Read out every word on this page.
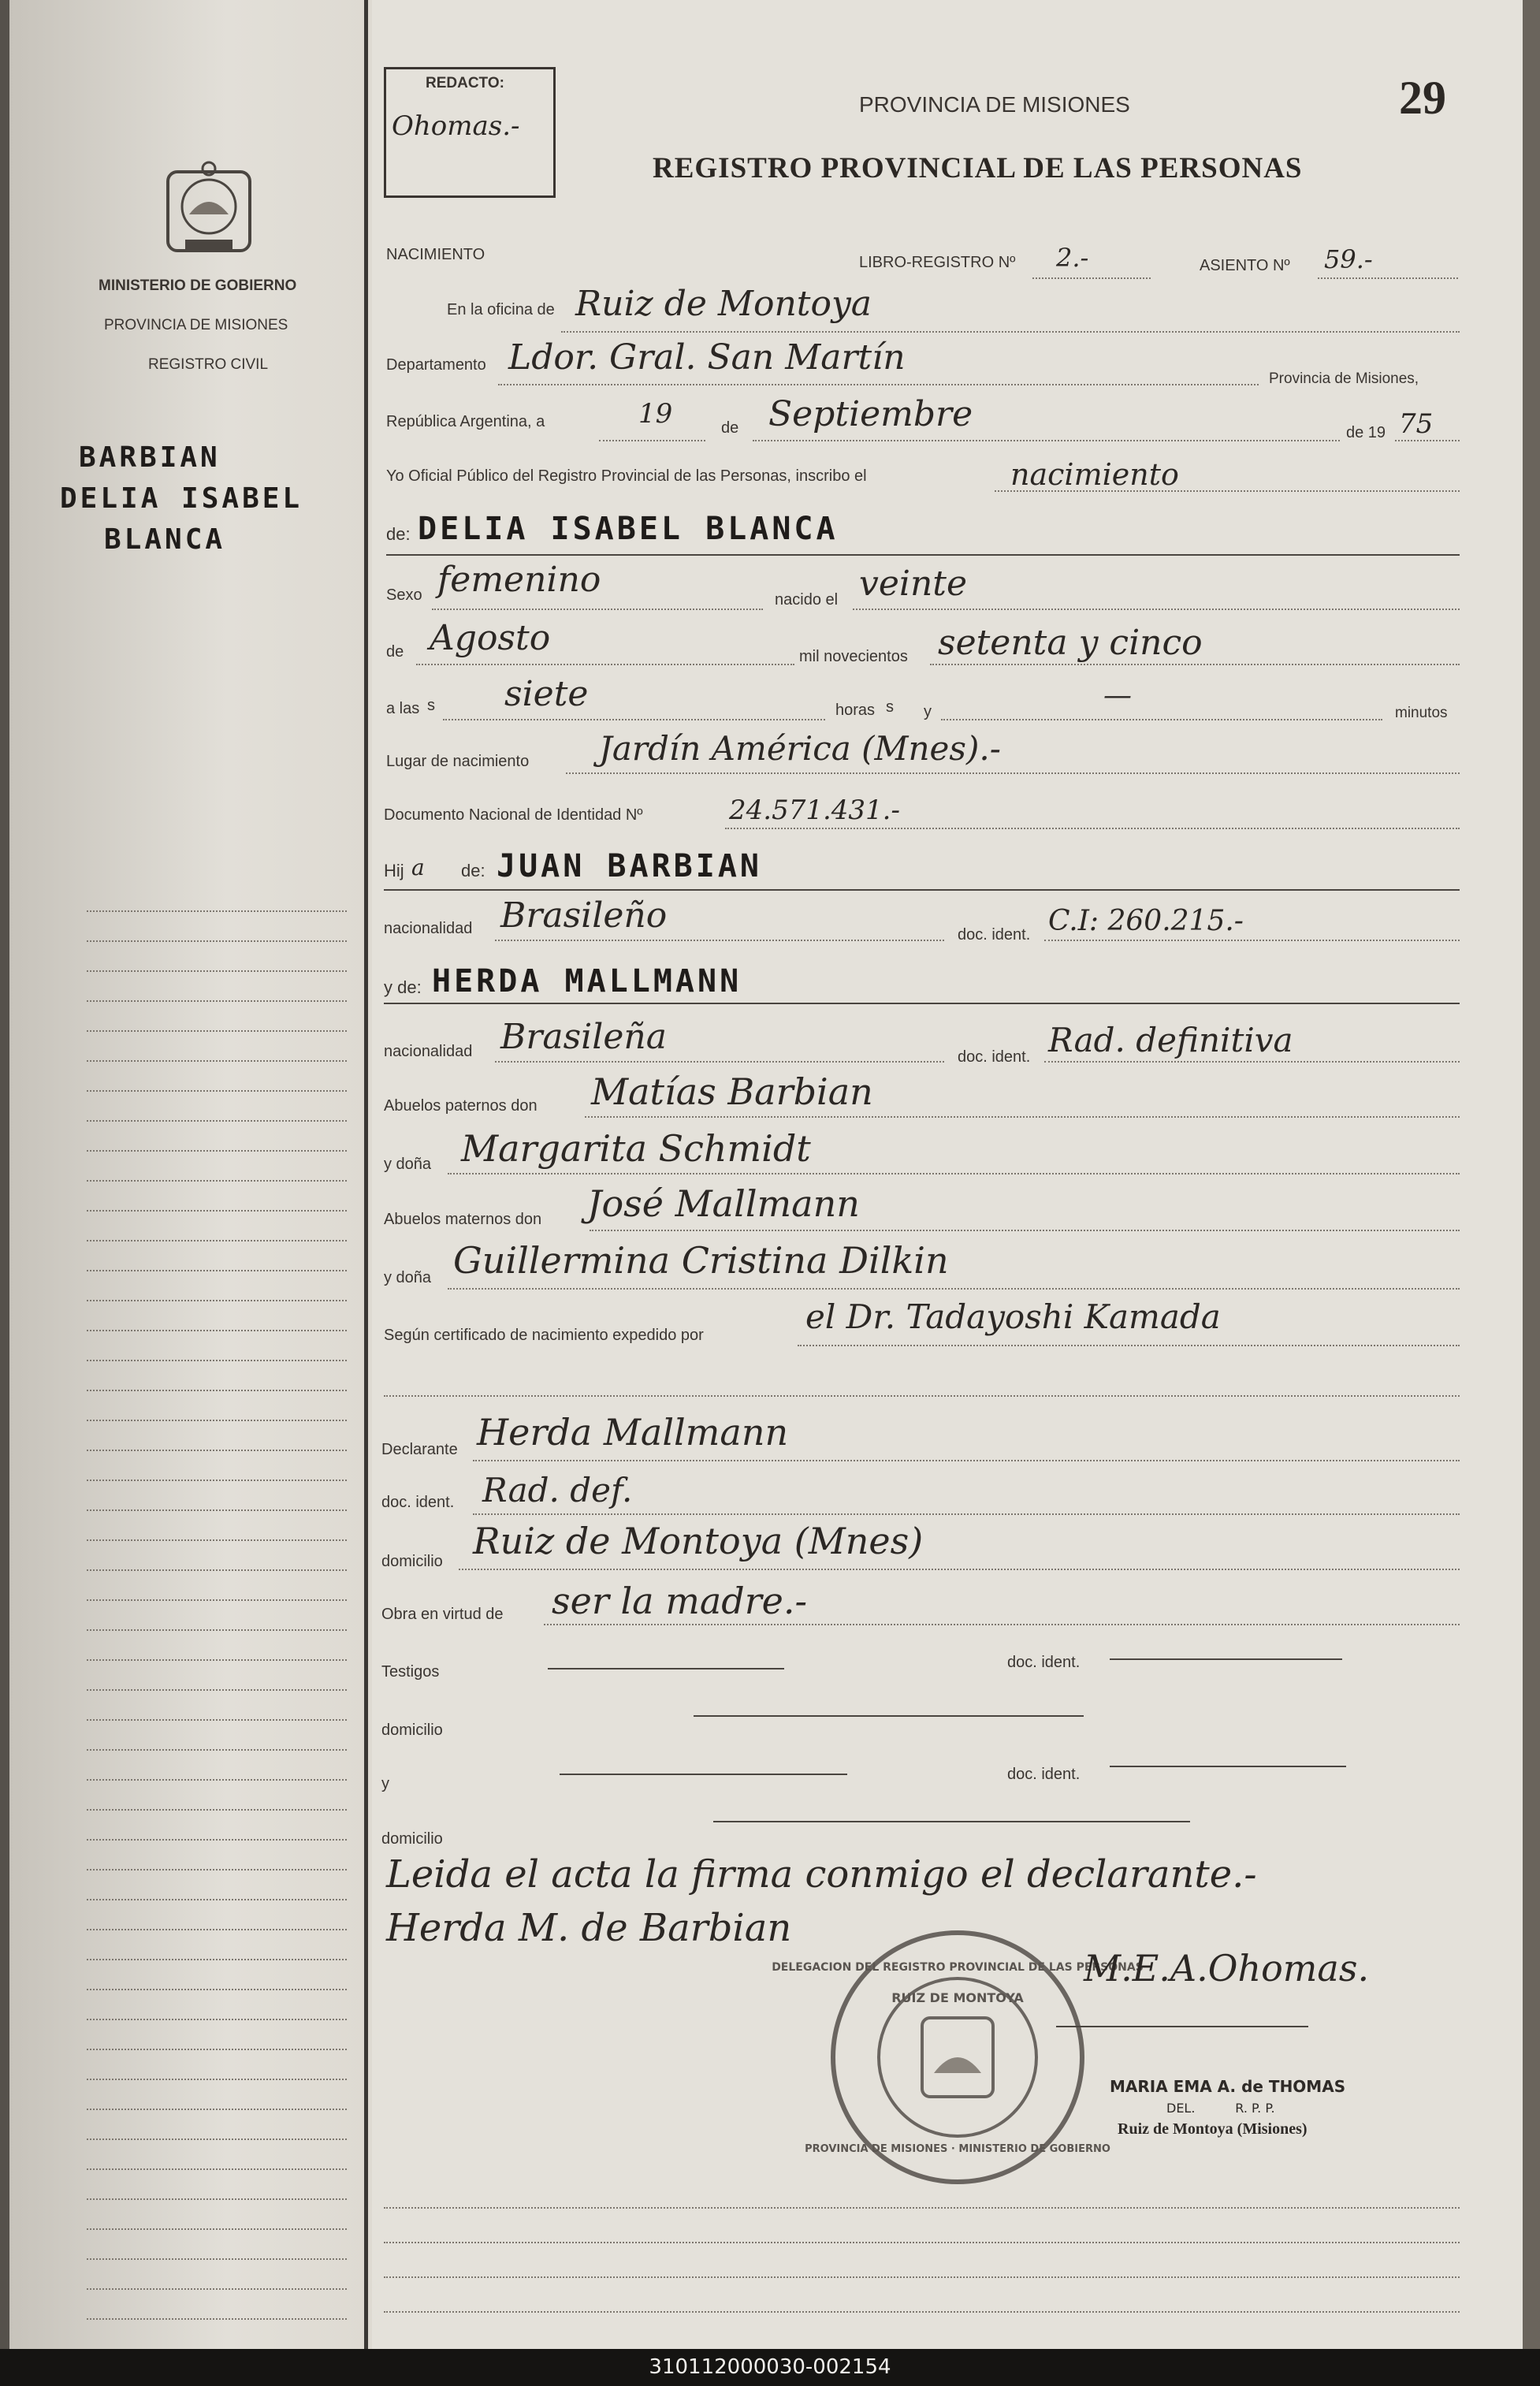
MINISTERIO DE GOBIERNO
PROVINCIA DE MISIONES
REGISTRO CIVIL
BARBIAN
DELIA ISABEL
BLANCA
REDACTO:
Ohomas.-
PROVINCIA DE MISIONES
REGISTRO PROVINCIAL DE LAS PERSONAS
29
NACIMIENTO	LIBRO-REGISTRO Nº 2.-	ASIENTO Nº 59.-
En la oficina de Ruiz de Montoya
Departamento Ldor. Gral. San Martín
Provincia de Misiones,
República Argentina, a	19	de Septiembre	de 19 75
Yo Oficial Público del Registro Provincial de las Personas, inscribo el	nacimiento
de: DELIA ISABEL BLANCA
Sexo femenino	nacido el veinte
de Agosto	mil novecientos setenta y cinco
a las s siete	horas s y	—
minutos
Lugar de nacimiento Jardín América (Mnes).-
Documento Nacional de Identidad Nº	24.571.431.-
Hij a de: JUAN BARBIAN
nacionalidad Brasileño	doc. ident. C.I: 260.215.-
y de: HERDA MALLMANN
nacionalidad Brasileña	doc. ident. Rad. definitiva
Abuelos paternos don Matías Barbian
y doña Margarita Schmidt
Abuelos maternos don José Mallmann
y doña Guillermina Cristina Dilkin
Según certificado de nacimiento expedido por	el Dr. Tadayoshi Kamada
Declarante Herda Mallmann
doc. ident. Rad. def.
domicilio Ruiz de Montoya (Mnes)
Obra en virtud de ser la madre.-
Testigos
doc. ident.
domicilio
y
doc. ident.
domicilio
Leida el acta la firma conmigo el declarante.-
Herda M. de Barbian
DELEGACION DEL REGISTRO PROVINCIAL DE LAS PERSONAS
RUIZ DE MONTOYA
PROVINCIA DE MISIONES · MINISTERIO DE GOBIERNO
M.E.A.Ohomas.
MARIA EMA A. de THOMAS
DEL.          R. P. P.
Ruiz de Montoya (Misiones)
310112000030-002154
